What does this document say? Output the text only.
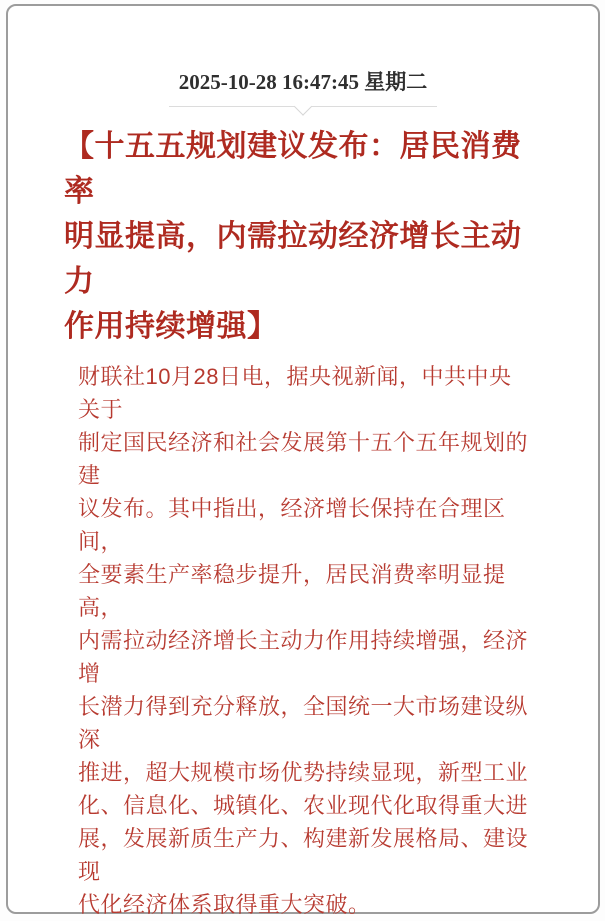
2025-10-28 16:47:45 星期二
【十五五规划建议发布：居民消费率
明显提高，内需拉动经济增长主动力
作用持续增强】

财联社10月28日电，据央视新闻，中共中央关于
制定国民经济和社会发展第十五个五年规划的建
议发布。其中指出，经济增长保持在合理区间，
全要素生产率稳步提升，居民消费率明显提高，
内需拉动经济增长主动力作用持续增强，经济增
长潜力得到充分释放，全国统一大市场建设纵深
推进，超大规模市场优势持续显现，新型工业
化、信息化、城镇化、农业现代化取得重大进
展，发展新质生产力、构建新发展格局、建设现
代化经济体系取得重大突破。
